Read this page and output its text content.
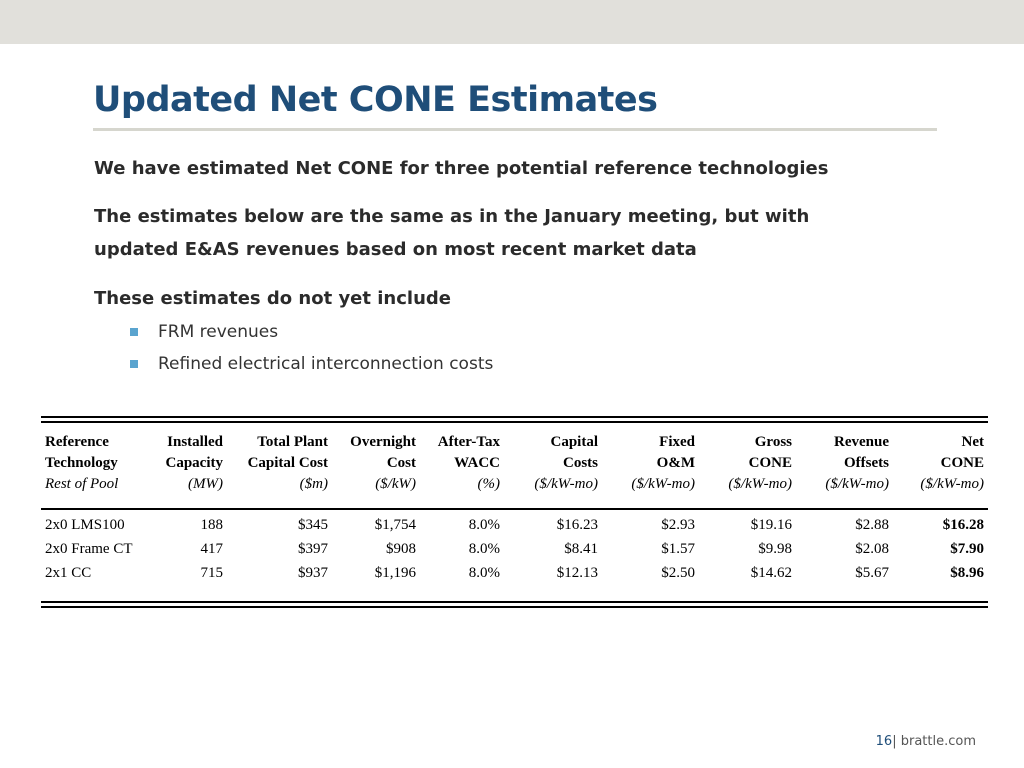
Updated Net CONE Estimates

We have estimated Net CONE for three potential reference technologies

The estimates below are the same as in the January meeting, but with

updated E&AS revenues based on most recent market data

These estimates do not yet include

FRM revenues
Refined electrical interconnection costs
Reference	Installed	Total Plant	Overnight	After-Tax	Capital	Fixed	Gross	Revenue	Net
Technology	Capacity	Capital Cost	Cost	WACC	Costs	O&M	CONE	Offsets	CONE
Rest of Pool	(MW)	($m)	($/kW)	(%)	($/kW-mo)	($/kW-mo)	($/kW-mo)	($/kW-mo)	($/kW-mo)

2x0 LMS100	188	$345	$1,754	8.0%	$16.23	$2.93	$19.16	$2.88	$16.28
2x0 Frame CT	417	$397	$908	8.0%	$8.41	$1.57	$9.98	$2.08	$7.90
2x1 CC	715	$937	$1,196	8.0%	$12.13	$2.50	$14.62	$5.67	$8.96
16| brattle.com
